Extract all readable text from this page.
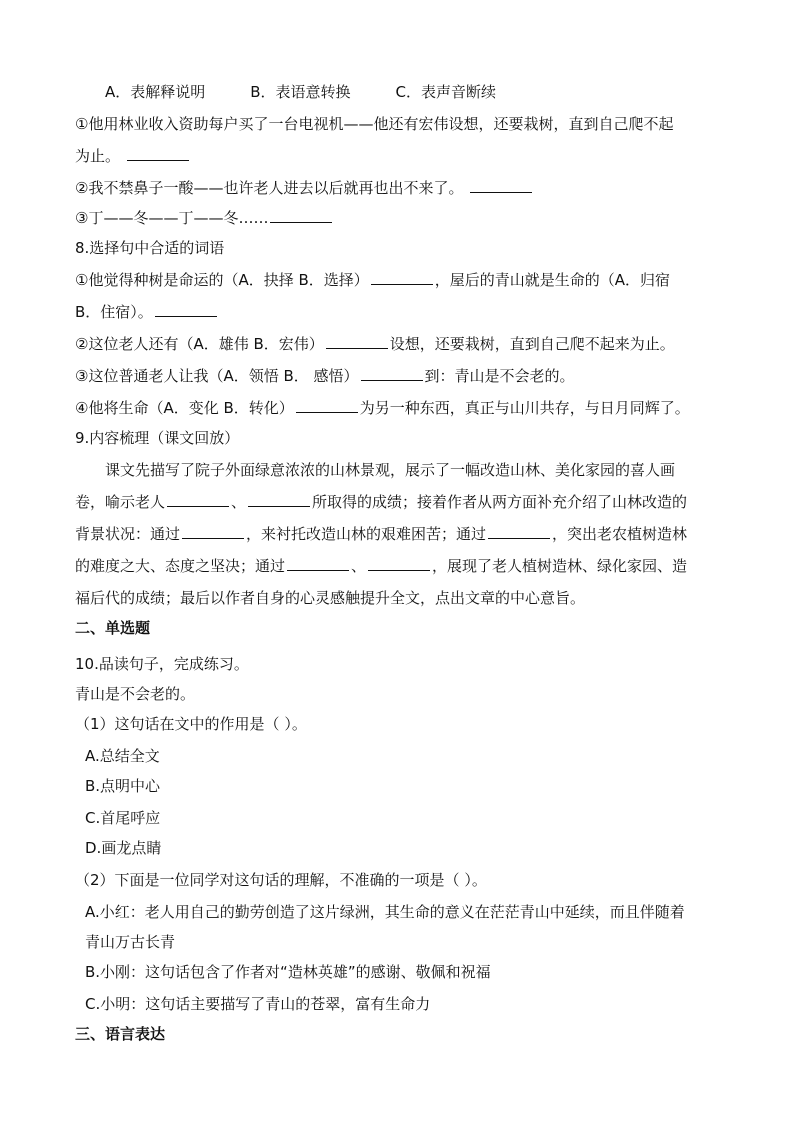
A．表解释说明　　　B．表语意转换　　　C．表声音断续
①他用林业收入资助每户买了一台电视机——他还有宏伟设想，还要栽树，直到自己爬不起
为止。
②我不禁鼻子一酸——也许老人进去以后就再也出不来了。
③丁——冬——丁——冬……
8.选择句中合适的词语
①他觉得种树是命运的（A．抉择 B．选择）	，屋后的青山就是生命的（A．归宿
B．住宿）。
②这位老人还有（A．雄伟 B．宏伟）	设想，还要栽树，直到自己爬不起来为止。
③这位普通老人让我（A．领悟 B． 感悟）	到：青山是不会老的。
④他将生命（A．变化 B．转化）	为另一种东西，真正与山川共存，与日月同辉了。
9.内容梳理（课文回放）
　　课文先描写了院子外面绿意浓浓的山林景观，展示了一幅改造山林、美化家园的喜人画
卷，喻示老人	、	所取得的成绩；接着作者从两方面补充介绍了山林改造的
背景状况：通过	，来衬托改造山林的艰难困苦；通过	，突出老农植树造林
的难度之大、态度之坚决；通过	、	，展现了老人植树造林、绿化家园、造
福后代的成绩；最后以作者自身的心灵感触提升全文，点出文章的中心意旨。
二、单选题
10.品读句子，完成练习。
青山是不会老的。
（1）这句话在文中的作用是（ ）。
A.总结全文
B.点明中心
C.首尾呼应
D.画龙点睛
（2）下面是一位同学对这句话的理解，不准确的一项是（ ）。
A.小红：老人用自己的勤劳创造了这片绿洲，其生命的意义在茫茫青山中延续，而且伴随着
青山万古长青
B.小刚：这句话包含了作者对“造林英雄”的感谢、敬佩和祝福
C.小明：这句话主要描写了青山的苍翠，富有生命力
三、语言表达
